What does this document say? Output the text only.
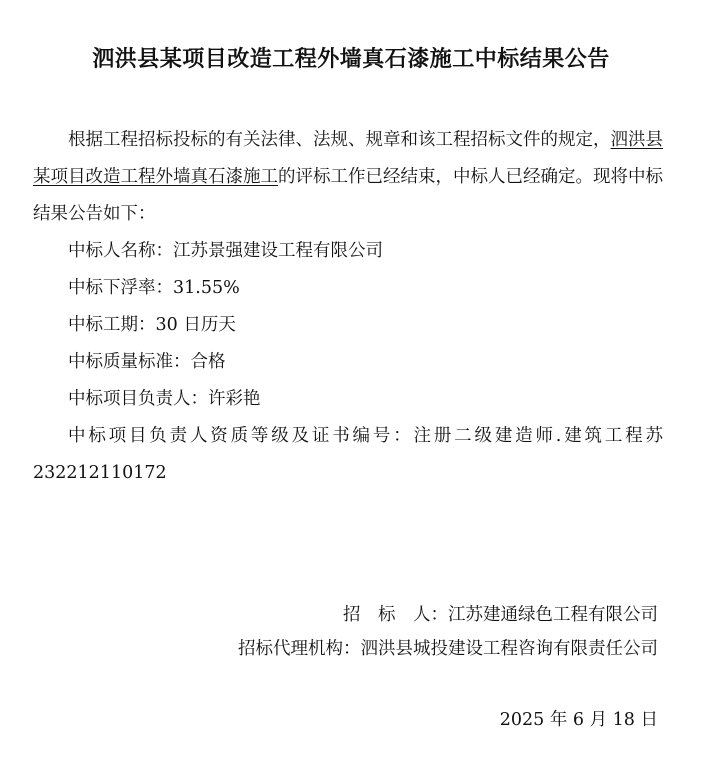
泗洪县某项目改造工程外墙真石漆施工中标结果公告

根据工程招标投标的有关法律、法规、规章和该工程招标文件的规定，泗洪县某项目改造工程外墙真石漆施工的评标工作已经结束，中标人已经确定。现将中标结果公告如下：

中标人名称：江苏景强建设工程有限公司

中标下浮率：31.55%

中标工期：30 日历天

中标质量标准：合格

中标项目负责人：许彩艳

中标项目负责人资质等级及证书编号：注册二级建造师.建筑工程苏 232212110172

招　标　人：江苏建通绿色工程有限公司
招标代理机构：泗洪县城投建设工程咨询有限责任公司
2025 年 6 月 18 日
